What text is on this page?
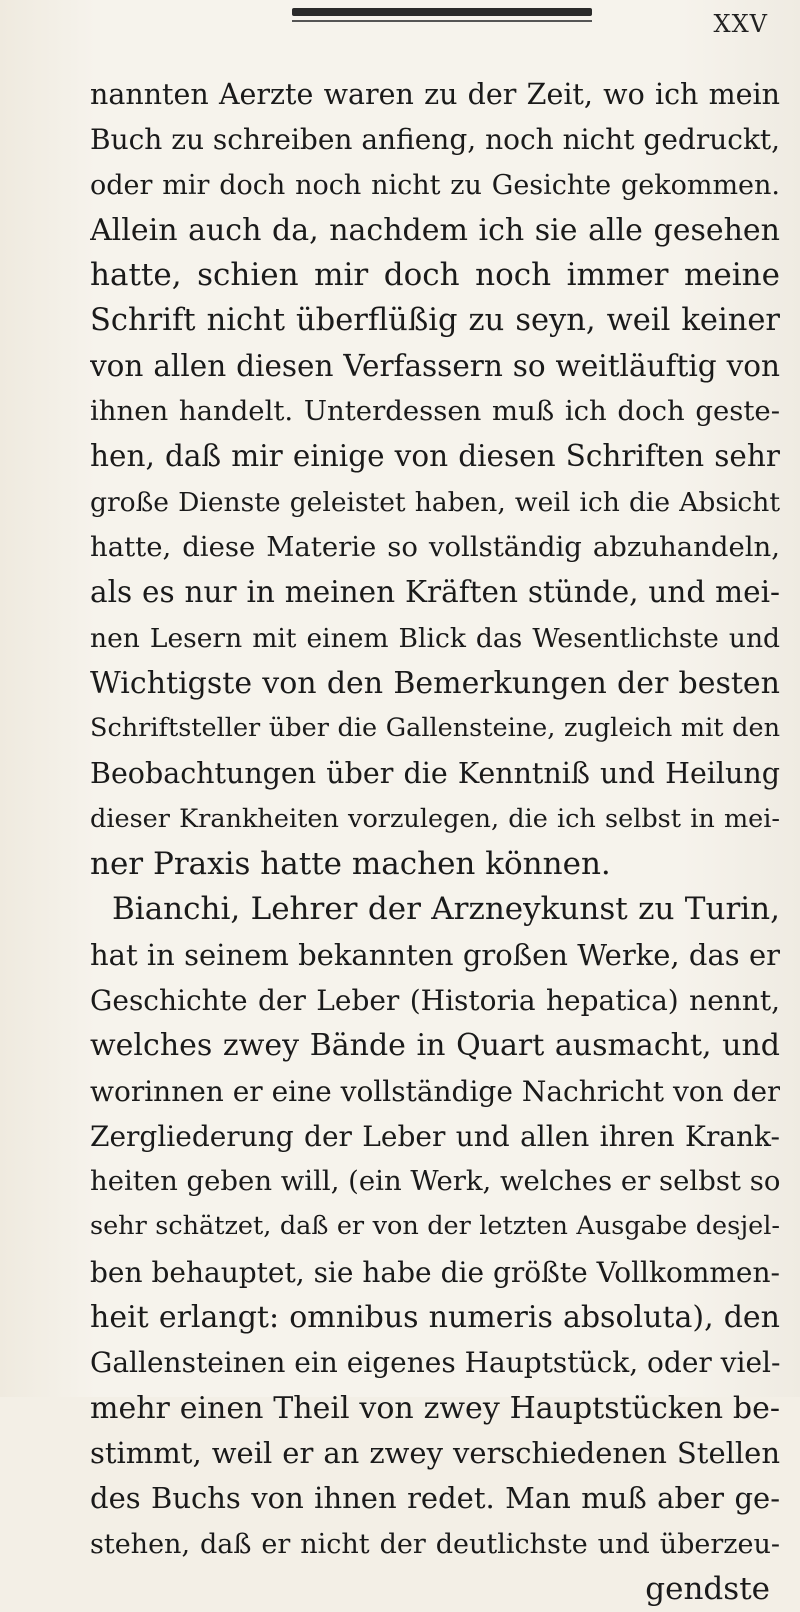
XXV
nannten Aerzte waren zu der Zeit, wo ich mein
Buch zu schreiben anfieng, noch nicht gedruckt,
oder mir doch noch nicht zu Gesichte gekommen.
Allein auch da, nachdem ich sie alle gesehen
hatte, schien mir doch noch immer meine
Schrift nicht überflüßig zu seyn, weil keiner
von allen diesen Verfassern so weitläuftig von
ihnen handelt. Unterdessen muß ich doch geste-
hen, daß mir einige von diesen Schriften sehr
große Dienste geleistet haben, weil ich die Absicht
hatte, diese Materie so vollständig abzuhandeln,
als es nur in meinen Kräften stünde, und mei-
nen Lesern mit einem Blick das Wesentlichste und
Wichtigste von den Bemerkungen der besten
Schriftsteller über die Gallensteine, zugleich mit den
Beobachtungen über die Kenntniß und Heilung
dieser Krankheiten vorzulegen, die ich selbst in mei-
ner Praxis hatte machen können.
Bianchi, Lehrer der Arzneykunst zu Turin,
hat in seinem bekannten großen Werke, das er
Geschichte der Leber (Historia hepatica) nennt,
welches zwey Bände in Quart ausmacht, und
worinnen er eine vollständige Nachricht von der
Zergliederung der Leber und allen ihren Krank-
heiten geben will, (ein Werk, welches er selbst so
sehr schätzet, daß er von der letzten Ausgabe desjel-
ben behauptet, sie habe die größte Vollkommen-
heit erlangt: omnibus numeris absoluta), den
Gallensteinen ein eigenes Hauptstück, oder viel-
mehr einen Theil von zwey Hauptstücken be-
stimmt, weil er an zwey verschiedenen Stellen
des Buchs von ihnen redet. Man muß aber ge-
stehen, daß er nicht der deutlichste und überzeu-
gendste
